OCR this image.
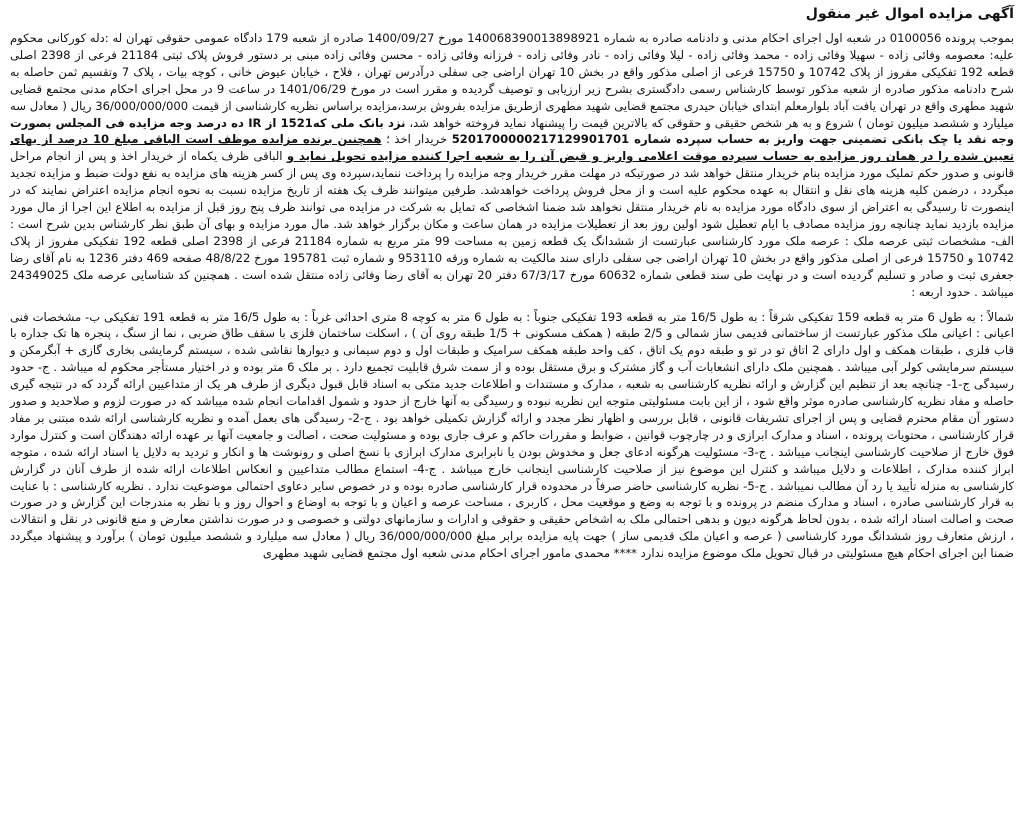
آگهی مزایده اموال غیر منقول

بموجب پرونده 0100056 در شعبه اول اجرای احکام مدنی و دادنامه صادره به شماره 140068390013898921 مورخ 1400/09/27 صادره از شعبه 179 دادگاه عمومی حقوقی تهران له :دله کورکانی محکوم علیه: معصومه وفائی زاده - سهیلا وفائی زاده - محمد وفائی زاده - لیلا وفائی زاده - نادر وفائی زاده - فرزانه وفائی زاده - محسن وفائی زاده مبنی بر دستور فروش پلاک ثبتی 21184 فرعی از 2398 اصلی قطعه 192 تفکیکی مفروز از پلاک 10742 و 15750 فرعی از اصلی مذکور واقع در بخش 10 تهران اراضی جی سفلی درآدرس تهران ، فلاح ، خیابان عیوض خانی ، کوچه بیات ، پلاک 7 وتقسیم ثمن حاصله به شرح دادنامه مذکور صادره از شعبه مذکور توسط کارشناس رسمی دادگستری بشرح زیر ارزیابی و توصیف گردیده و مقرر است در مورخ 1401/06/29 در ساعت 9 در محل اجرای احکام مدنی مجتمع قضایی شهید مطهری واقع در تهران یافت آباد بلوارمعلم ابتدای خیابان حیدری مجتمع قضایی شهید مطهری ازطریق مزایده بفروش برسد،مزایده براساس نظریه کارشناسی از قیمت 36/000/000/000 ریال ( معادل سه میلیارد و ششصد میلیون تومان ) شروع و به هر شخص حقیقی و حقوقی که بالاترین قیمت را پیشنهاد نماید فروخته خواهد شد، نزد بانک ملی که1521 از IR ده درصد وجه مزایده فی المجلس بصورت وجه نقد یا چک بانکی تضمینی جهت واریز به حساب سپرده شماره 5201700000217129901701 خریدار اخذ ؛ همچنین برنده مزایده موظف است الباقی مبلغ 10 درصد از بهای تعیین شده را در همان روز مزایده به حساب سپرده موقت اعلامی واریز و قبض آن را به شعبه اجرا کننده مزایده تحویل نماید و الباقی ظرف یکماه از خریدار اخذ و پس از انجام مراحل قانونی و صدور حکم تملیک مورد مزایده بنام خریدار منتقل خواهد شد در صورتیکه در مهلت مقرر خریدار وجه مزایده را پرداخت ننماید،سپرده وی پس از کسر هزینه های مزایده به نفع دولت ضبط و مزایده تجدید میگردد ، درضمن کلیه هزینه های نقل و انتقال به عهده محکوم علیه است و از محل فروش پرداخت خواهدشد. طرفین میتوانند ظرف یک هفته از تاریخ مزایده نسبت به نحوه انجام مزایده اعتراض نمایند که در اینصورت تا رسیدگی به اعتراض از سوی دادگاه مورد مزایده به نام خریدار منتقل نخواهد شد ضمنا اشخاصی که تمایل به شرکت در مزایده می توانند ظرف پنج روز قبل از مزایده به اطلاع این اجرا از مال مورد مزایده بازدید نماید چنانچه روز مزایده مصادف با ایام تعطیل شود اولین روز بعد از تعطیلات مزایده در همان ساعت و مکان برگزار خواهد شد. مال مورد مزایده و بهای آن طبق نظر کارشناس بدین شرح است : الف- مشخصات ثبتی عرصه ملک : عرصه ملک مورد کارشناسی عبارتست از ششدانگ یک قطعه زمین به مساحت 99 متر مربع به شماره 21184 فرعی از 2398 اصلی قطعه 192 تفکیکی مفروز از پلاک 10742 و 15750 فرعی از اصلی مذکور واقع در بخش 10 تهران اراضی جی سفلی دارای سند مالکیت به شماره ورقه 953110 و شماره ثبت 195781 مورخ 48/8/22 صفحه 469 دفتر 1236 به نام آقای رضا جعفری ثبت و صادر و تسلیم گردیده است و در نهایت طی سند قطعی شماره 60632 مورخ 67/3/17 دفتر 20 تهران به آقای رضا وفائی زاده منتقل شده است . همچنین کد شناسایی عرصه ملک 24349025 میباشد . حدود اربعه :

شمالاً : به طول 6 متر به قطعه 159 تفکیکی شرقاً : به طول 16/5 متر به قطعه 193 تفکیکی جنوباً : به طول 6 متر به کوچه 8 متری احداثی غرباً : به طول 16/5 متر به قطعه 191 تفکیکی ب- مشخصات فنی اعیانی : اعیانی ملک مذکور عبارتست از ساختمانی قدیمی ساز شمالی و 2/5 طبقه ( همکف مسکونی + 1/5 طبقه روی آن ) ، اسکلت ساختمان فلزی با سقف طاق ضربی ، نما از سنگ ، پنجره ها تک جداره با قاب فلزی ، طبقات همکف و اول دارای 2 اتاق تو در تو و طبقه دوم یک اتاق ، کف واحد طبقه همکف سرامیک و طبقات اول و دوم سیمانی و دیوارها نقاشی شده ، سیستم گرمایشی بخاری گازی + آبگرمکن و سیستم سرمایشی کولر آبی میباشد . همچنین ملک دارای انشعابات آب و گاز مشترک و برق مستقل بوده و از سمت شرق قابلیت تجمیع دارد . بر ملک 6 متر بوده و در اختیار مستأجر محکوم له میباشد . ج- حدود رسیدگی ج-1- چنانچه بعد از تنظیم این گزارش و ارائه نظریه کارشناسی به شعبه ، مدارک و مستندات و اطلاعات جدید متکی به اسناد قابل قبول دیگری از طرف هر یک از متداعیین ارائه گردد که در نتیجه گیری حاصله و مفاد نظریه کارشناسی صادره موثر واقع شود ، از این بابت مسئولیتی متوجه این نظریه نبوده و رسیدگی به آنها خارج از حدود و شمول اقدامات انجام شده میباشد که در صورت لزوم و صلاحدید و صدور دستور آن مقام محترم قضایی و پس از اجرای تشریفات قانونی ، قابل بررسی و اظهار نظر مجدد و ارائه گزارش تکمیلی خواهد بود . ج-2- رسیدگی های بعمل آمده و نظریه کارشناسی ارائه شده مبتنی بر مفاد قرار کارشناسی ، محتویات پرونده ، اسناد و مدارک ابرازی و در چارچوب قوانین ، ضوابط و مقررات حاکم و عرف جاری بوده و مسئولیت صحت ، اصالت و جامعیت آنها بر عهده ارائه دهندگان است و کنترل موارد فوق خارج از صلاحیت کارشناسی اینجانب میباشد . ج-3- مسئولیت هرگونه ادعای جعل و مخدوش بودن یا نابرابری مدارک ابرازی با نسخ اصلی و رونوشت ها و انکار و تردید به دلایل یا اسناد ارائه شده ، متوجه ابراز کننده مدارک ، اطلاعات و دلایل میباشد و کنترل این موضوع نیز از صلاحیت کارشناسی اینجانب خارج میباشد . ج-4- استماع مطالب متداعیین و انعکاس اطلاعات ارائه شده از طرف آنان در گزارش کارشناسی به منزله تأیید یا رد آن مطالب نمیباشد . ج-5- نظریه کارشناسی حاضر صرفاً در محدوده قرار کارشناسی صادره بوده و در خصوص سایر دعاوی احتمالی موضوعیت ندارد . نظریه کارشناسی : با عنایت به قرار کارشناسی صادره ، اسناد و مدارک منضم در پرونده و با توجه به وضع و موقعیت محل ، کاربری ، مساحت عرصه و اعیان و با توجه به اوضاع و احوال روز و با نظر به مندرجات این گزارش و در صورت صحت و اصالت اسناد ارائه شده ، بدون لحاظ هرگونه دیون و بدهی احتمالی ملک به اشخاص حقیقی و حقوقی و ادارات و سازمانهای دولتی و خصوصی و در صورت نداشتن معارض و منع قانونی در نقل و انتقالات ، ارزش متعارف روز ششدانگ مورد کارشناسی ( عرصه و اعیان ملک قدیمی ساز ) جهت پایه مزایده برابر مبلغ 36/000/000/000 ریال ( معادل سه میلیارد و ششصد میلیون تومان ) برآورد و پیشنهاد میگردد ضمنا این اجرای احکام هیچ مسئولیتی در قبال تحویل ملک موضوع مزایده ندارد **** محمدی مامور اجرای احکام مدنی شعبه اول مجتمع قضایی شهید مطهری
